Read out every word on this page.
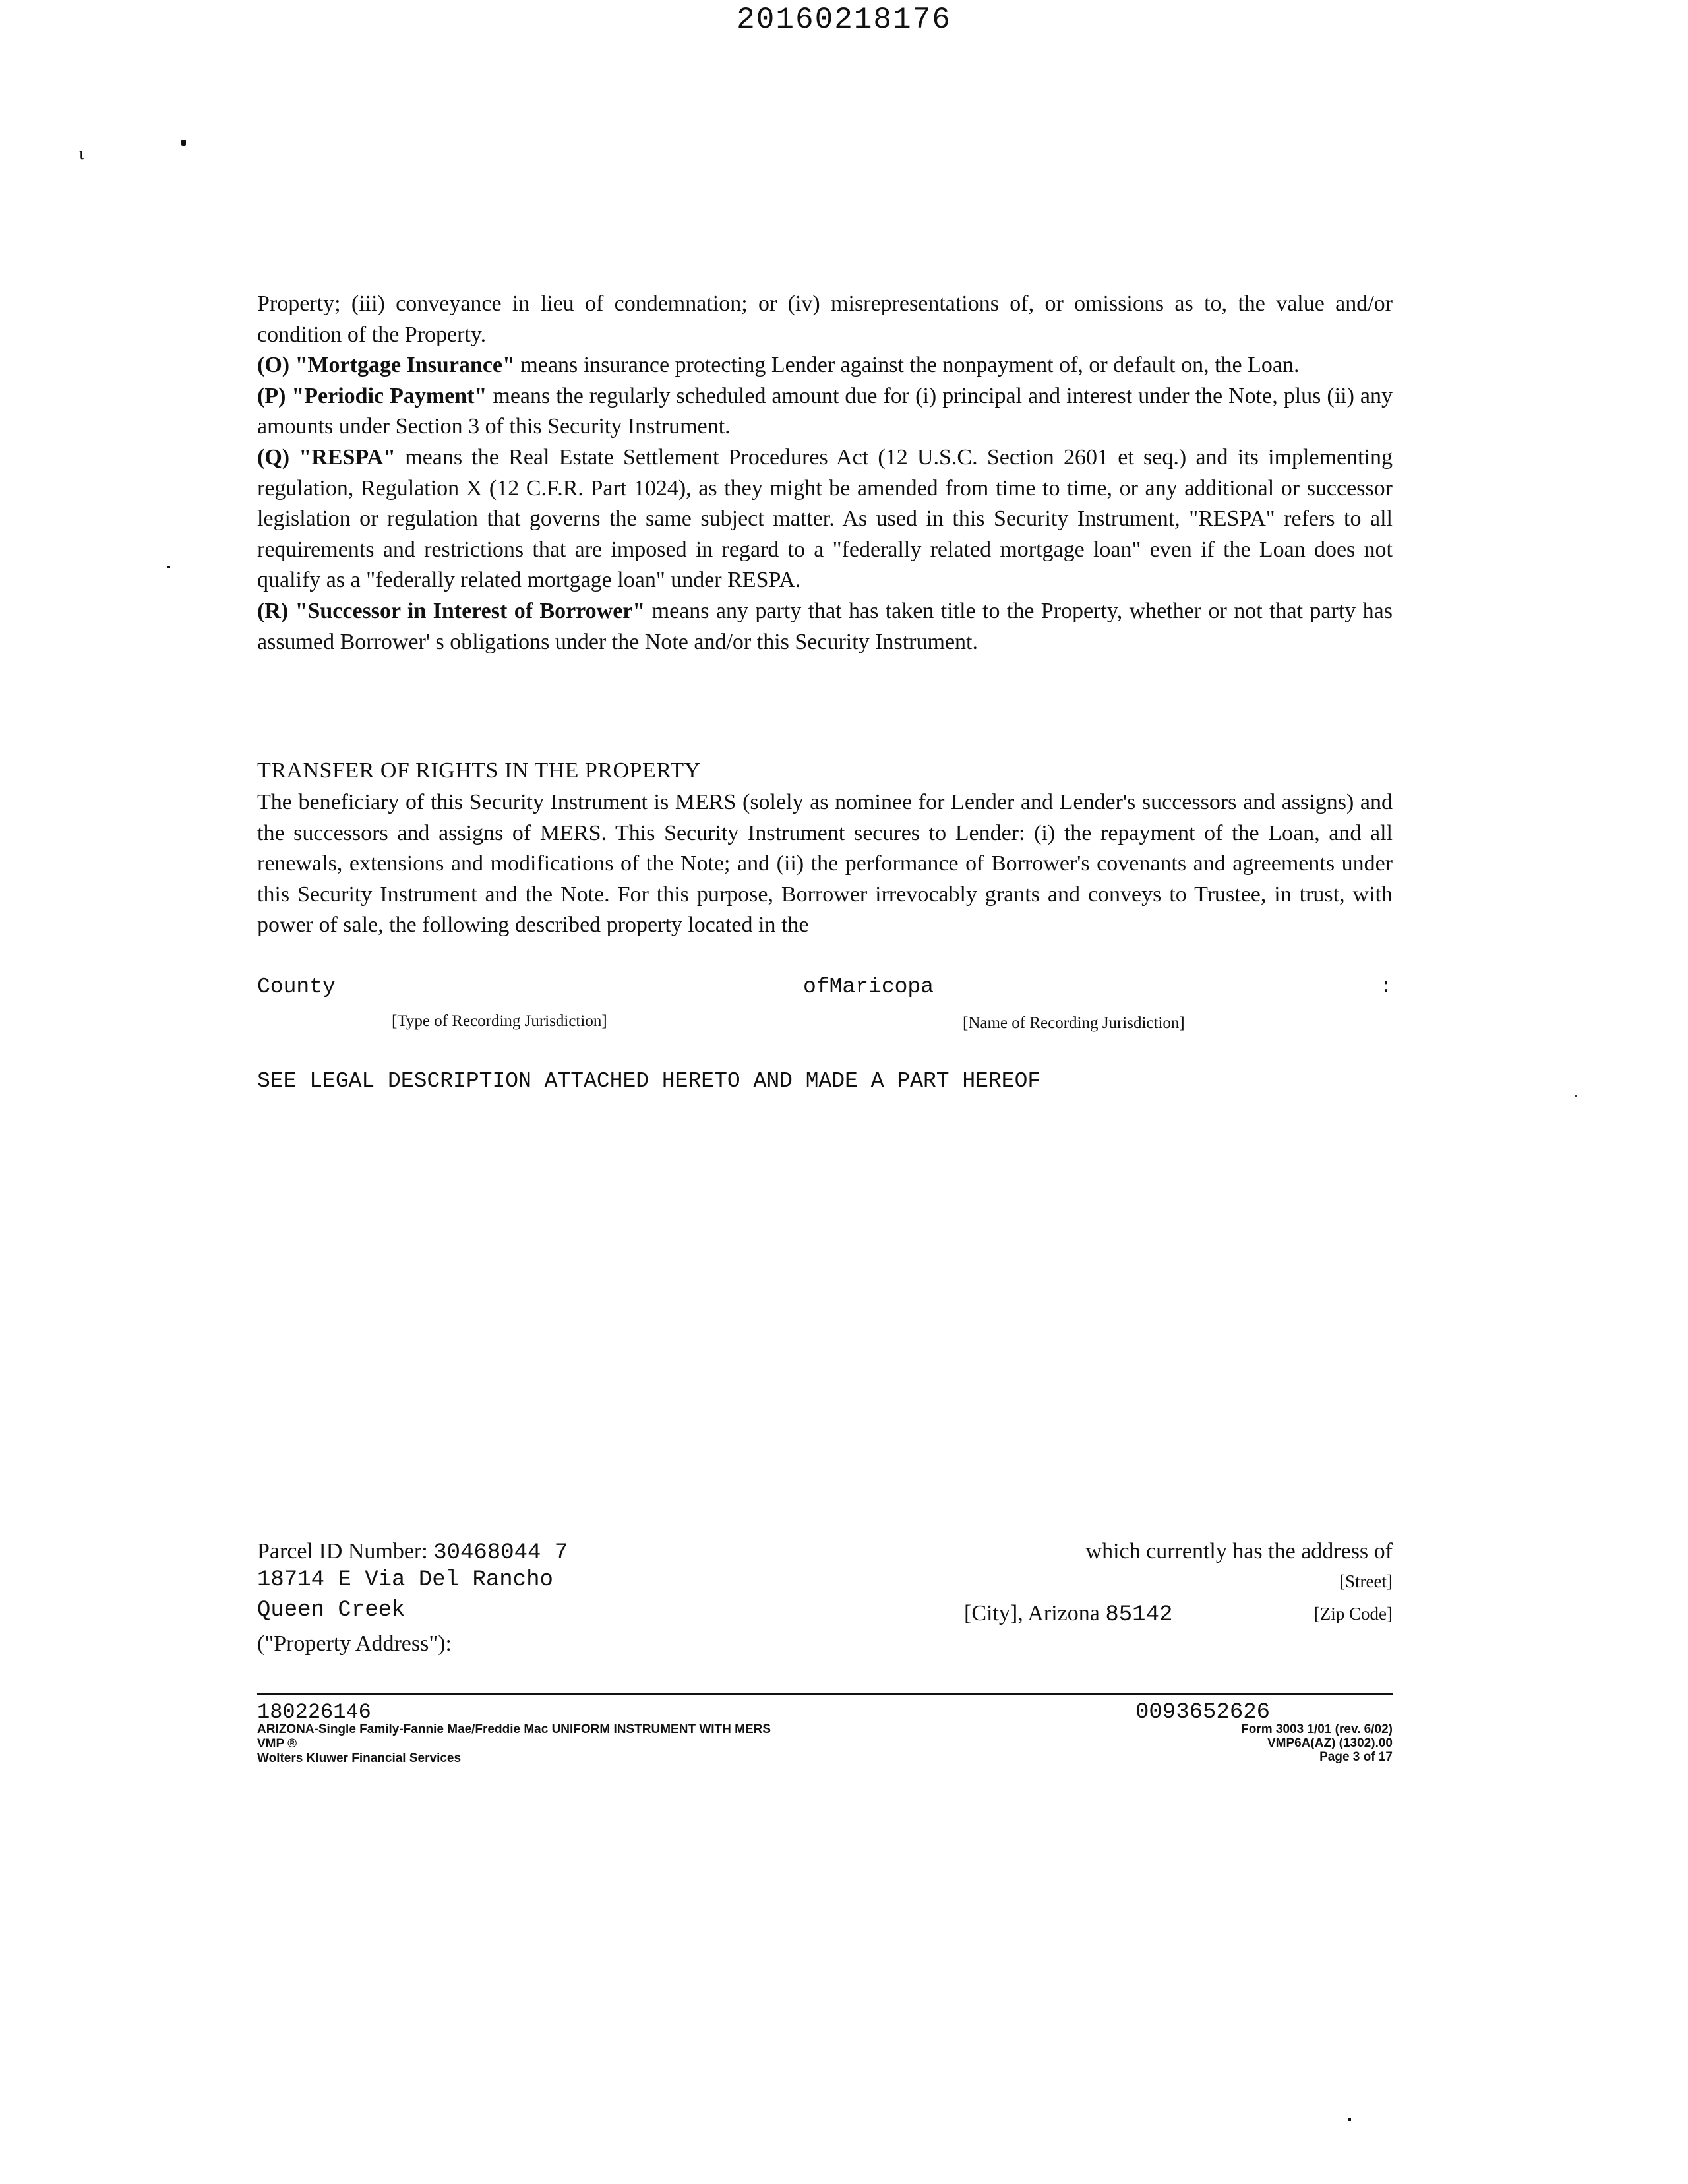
20160218176
ι

Property; (iii) conveyance in lieu of condemnation; or (iv) misrepresentations of, or omissions as to, the value and/or condition of the Property.

(O) "Mortgage Insurance" means insurance protecting Lender against the nonpayment of, or default on, the Loan.

(P) "Periodic Payment" means the regularly scheduled amount due for (i) principal and interest under the Note, plus (ii) any amounts under Section 3 of this Security Instrument.

(Q) "RESPA" means the Real Estate Settlement Procedures Act (12 U.S.C. Section 2601 et seq.) and its implementing regulation, Regulation X (12 C.F.R. Part 1024), as they might be amended from time to time, or any additional or successor legislation or regulation that governs the same subject matter. As used in this Security Instrument, "RESPA" refers to all requirements and restrictions that are imposed in regard to a "federally related mortgage loan" even if the Loan does not qualify as a "federally related mortgage loan" under RESPA.

(R) "Successor in Interest of Borrower" means any party that has taken title to the Property, whether or not that party has assumed Borrower' s obligations under the Note and/or this Security Instrument.

TRANSFER OF RIGHTS IN THE PROPERTY
The beneficiary of this Security Instrument is MERS (solely as nominee for Lender and Lender's successors and assigns) and the successors and assigns of MERS. This Security Instrument secures to Lender: (i) the repayment of the Loan, and all renewals, extensions and modifications of the Note; and (ii) the performance of Borrower's covenants and agreements under this Security Instrument and the Note. For this purpose, Borrower irrevocably grants and conveys to Trustee, in trust, with power of sale, the following described property located in the
County	ofMaricopa	:
[Type of Recording Jurisdiction]	[Name of Recording Jurisdiction]
SEE LEGAL DESCRIPTION ATTACHED HERETO AND MADE A PART HEREOF
Parcel ID Number: 30468044 7	which currently has the address of
18714 E Via Del Rancho	[Street]
Queen Creek	[City], Arizona 85142	[Zip Code]
("Property Address"):
180226146
ARIZONA-Single Family-Fannie Mae/Freddie Mac UNIFORM INSTRUMENT WITH MERS
VMP ®
Wolters Kluwer Financial Services
0093652626
Form 3003 1/01 (rev. 6/02)
VMP6A(AZ) (1302).00
Page 3 of 17
